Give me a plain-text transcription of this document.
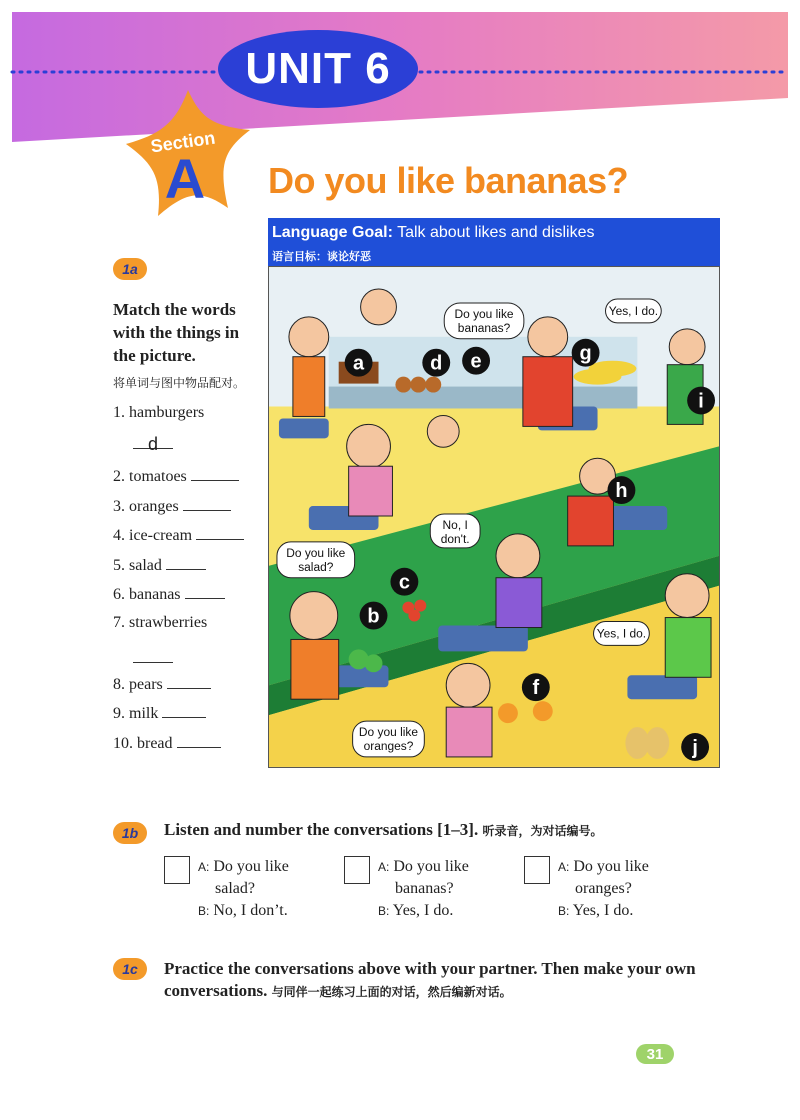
UNIT 6
Section
A	Do you like bananas?
1a
Match the words with the things in the picture.
将单词与图中物品配对。
1. hamburgers
d
2. tomatoes
3. oranges
4. ice-cream
5. salad
6. bananas
7. strawberries
8. pears
9. milk
10. bread
Language Goal: Talk about likes and dislikes
语言目标：谈论好恶
Do you like bananas?
Yes, I do.
No, I don't.
Do you like salad?
Yes, I do.
Do you like oranges?
a
b
c
d e
f
g
h
i
j
1b	Listen and number the conversations [1–3]. 听录音，为对话编号。
A: Do you like
salad?
B: No, I don’t.
A: Do you like
bananas?
B: Yes, I do.
A: Do you like
oranges?
B: Yes, I do.
1c	Practice the conversations above with your partner. Then make your own conversations. 与同伴一起练习上面的对话，然后编新对话。
31
